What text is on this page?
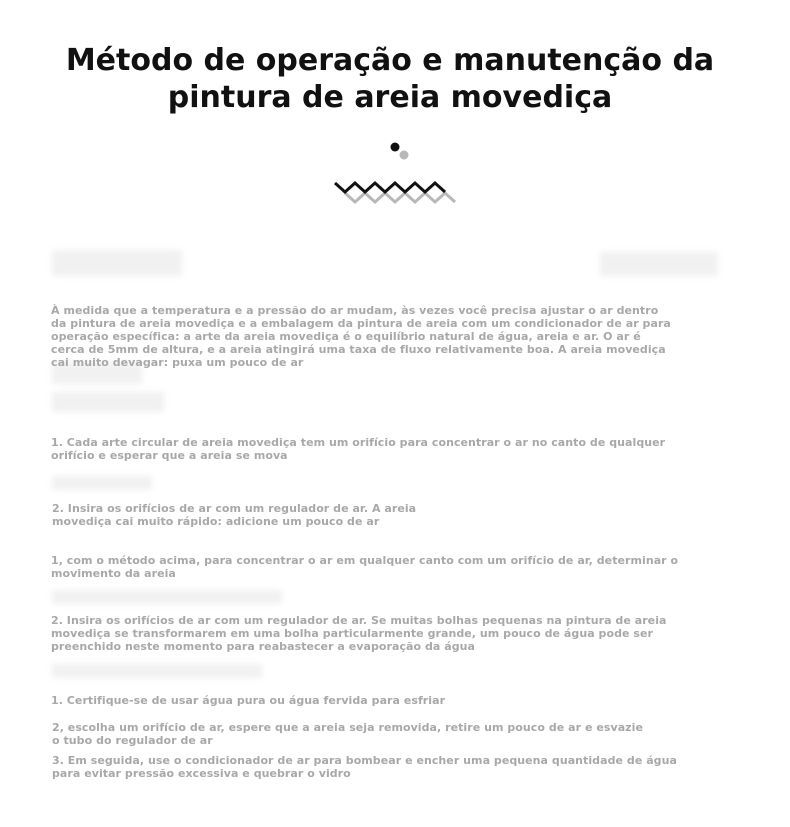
Método de operação e manutenção da pintura de areia movediça
À medida que a temperatura e a pressão do ar mudam, às vezes você precisa ajustar o ar dentro da pintura de areia movediça e a embalagem da pintura de areia com um condicionador de ar para operação específica: a arte da areia movediça é o equilíbrio natural de água, areia e ar. O ar é cerca de 5mm de altura, e a areia atingirá uma taxa de fluxo relativamente boa. A areia movediça cai muito devagar: puxa um pouco de ar
1. Cada arte circular de areia movediça tem um orifício para concentrar o ar no canto de qualquer orifício e esperar que a areia se mova
2. Insira os orifícios de ar com um regulador de ar. A areia movediça cai muito rápido: adicione um pouco de ar
1, com o método acima, para concentrar o ar em qualquer canto com um orifício de ar, determinar o movimento da areia
2. Insira os orifícios de ar com um regulador de ar. Se muitas bolhas pequenas na pintura de areia movediça se transformarem em uma bolha particularmente grande, um pouco de água pode ser preenchido neste momento para reabastecer a evaporação da água
1. Certifique-se de usar água pura ou água fervida para esfriar
2, escolha um orifício de ar, espere que a areia seja removida, retire um pouco de ar e esvazie o tubo do regulador de ar
3. Em seguida, use o condicionador de ar para bombear e encher uma pequena quantidade de água para evitar pressão excessiva e quebrar o vidro
